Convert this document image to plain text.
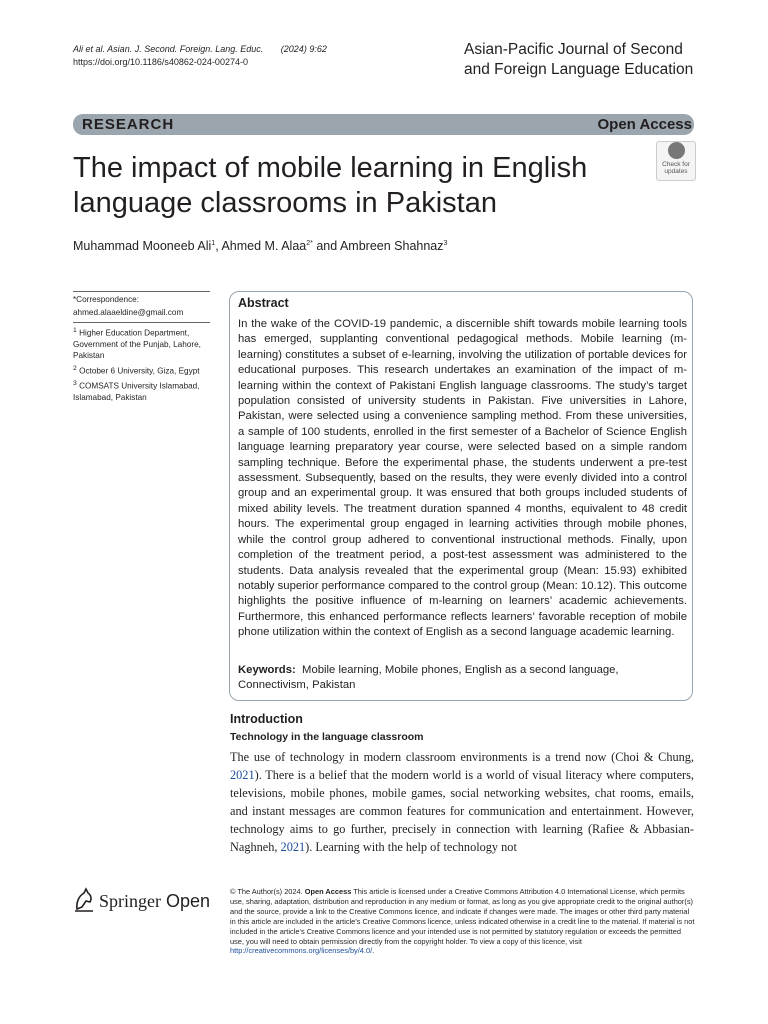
Ali et al. Asian. J. Second. Foreign. Lang. Educ. (2024) 9:62
https://doi.org/10.1186/s40862-024-00274-0
Asian-Pacific Journal of Second
and Foreign Language Education
RESEARCH	Open Access
The impact of mobile learning in English language classrooms in Pakistan
Check for
updates
Muhammad Mooneeb Ali$^1$, Ahmed M. Alaa$^{2*}$ and Ambreen Shahnaz$^3$

*Correspondence:

ahmed.alaaeldine@gmail.com

$^1$ Higher Education Department, Government of the Punjab, Lahore, Pakistan

$^2$ October 6 University, Giza, Egypt

$^3$ COMSATS University Islamabad, Islamabad, Pakistan

Abstract
In the wake of the COVID-19 pandemic, a discernible shift towards mobile learning tools has emerged, supplanting conventional pedagogical methods. Mobile learning (m-learning) constitutes a subset of e-learning, involving the utilization of portable devices for educational purposes. This research undertakes an examination of the impact of m-learning within the context of Pakistani English language classrooms. The study’s target population consisted of university students in Pakistan. Five universities in Lahore, Pakistan, were selected using a convenience sampling method. From these universities, a sample of 100 students, enrolled in the first semester of a Bachelor of Science English language learning preparatory year course, were selected based on a simple random sampling technique. Before the experimental phase, the students underwent a pre-test assessment. Subsequently, based on the results, they were evenly divided into a control group and an experimental group. It was ensured that both groups included students of mixed ability levels. The treatment duration spanned 4 months, equivalent to 48 credit hours. The experimental group engaged in learning activities through mobile phones, while the control group adhered to conventional instructional methods. Finally, upon completion of the treatment period, a post-test assessment was administered to the students. Data analysis revealed that the experimental group (Mean: 15.93) exhibited notably superior performance compared to the control group (Mean: 10.12). This outcome highlights the positive influence of m-learning on learners’ academic achievements. Furthermore, this enhanced performance reflects learners’ favorable reception of mobile phone utilization within the context of English as a second language academic learning.
Keywords: Mobile learning, Mobile phones, English as a second language, Connectivism, Pakistan
Introduction
Technology in the language classroom
The use of technology in modern classroom environments is a trend now (Choi & Chung, 2021). There is a belief that the modern world is a world of visual literacy where computers, televisions, mobile phones, mobile games, social networking websites, chat rooms, emails, and instant messages are common features for communication and entertainment. However, technology aims to go further, precisely in connection with learning (Rafiee & Abbasian-Naghneh, 2021). Learning with the help of technology not
Springer Open	© The Author(s) 2024. Open Access This article is licensed under a Creative Commons Attribution 4.0 International License, which permits use, sharing, adaptation, distribution and reproduction in any medium or format, as long as you give appropriate credit to the original author(s) and the source, provide a link to the Creative Commons licence, and indicate if changes were made. The images or other third party material in this article are included in the article’s Creative Commons licence, unless indicated otherwise in a credit line to the material. If material is not included in the article’s Creative Commons licence and your intended use is not permitted by statutory regulation or exceeds the permitted use, you will need to obtain permission directly from the copyright holder. To view a copy of this licence, visit http://creativecommons.org/licenses/by/4.0/.
